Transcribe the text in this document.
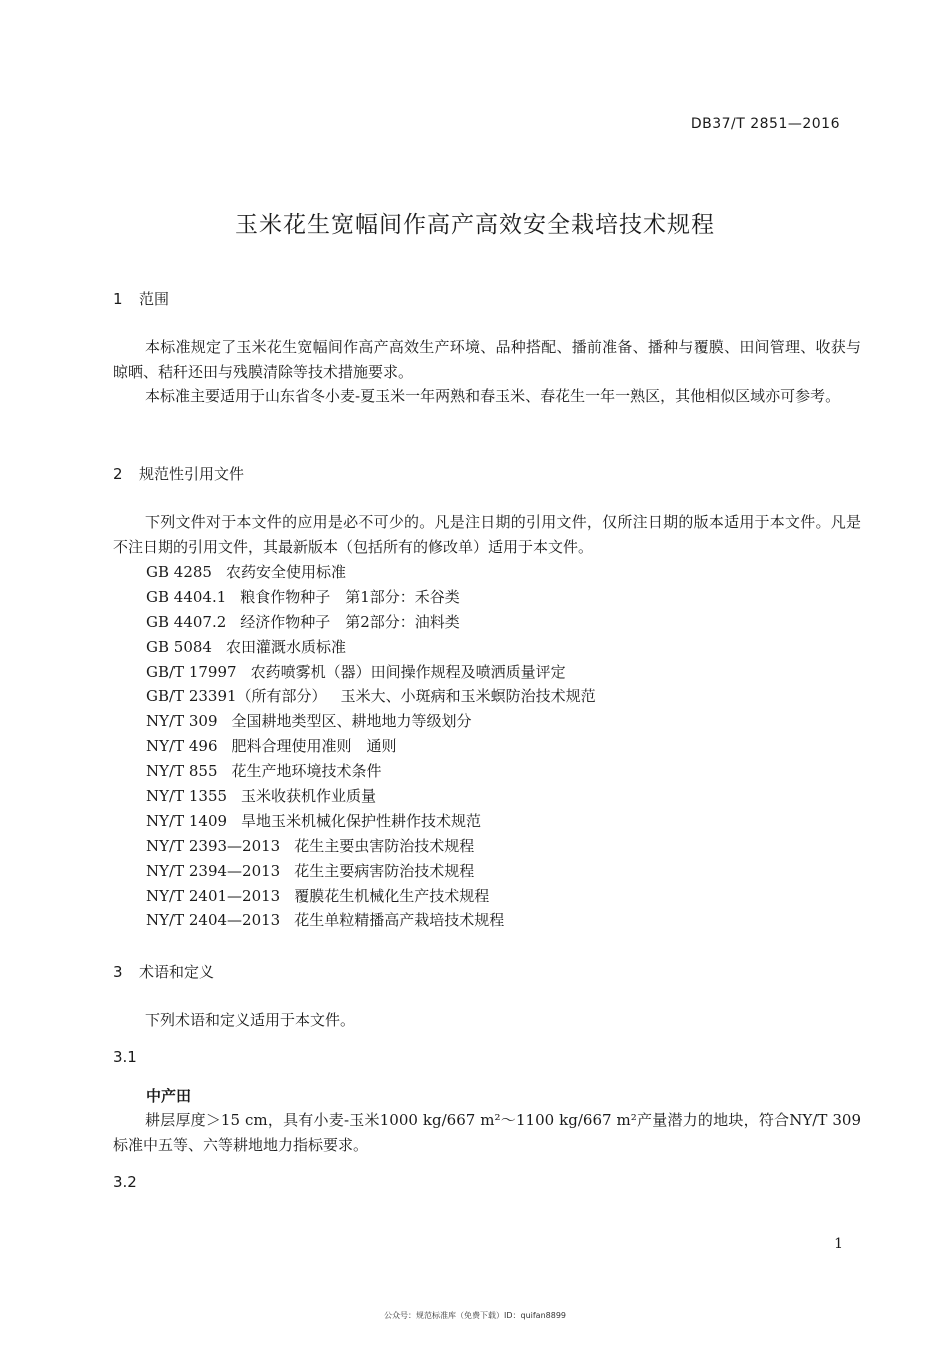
DB37/T 2851—2016
玉米花生宽幅间作高产高效安全栽培技术规程
1 范围
本标准规定了玉米花生宽幅间作高产高效生产环境、品种搭配、播前准备、播种与覆膜、田间管理、收获与晾晒、秸秆还田与残膜清除等技术措施要求。
本标准主要适用于山东省冬小麦-夏玉米一年两熟和春玉米、春花生一年一熟区，其他相似区域亦可参考。
2 规范性引用文件
下列文件对于本文件的应用是必不可少的。凡是注日期的引用文件，仅所注日期的版本适用于本文件。凡是不注日期的引用文件，其最新版本（包括所有的修改单）适用于本文件。
GB 4285 农药安全使用标准
GB 4404.1 粮食作物种子　第1部分：禾谷类
GB 4407.2 经济作物种子　第2部分：油料类
GB 5084 农田灌溉水质标准
GB/T 17997 农药喷雾机（器）田间操作规程及喷洒质量评定
GB/T 23391（所有部分） 玉米大、小斑病和玉米螟防治技术规范
NY/T 309 全国耕地类型区、耕地地力等级划分
NY/T 496 肥料合理使用准则　通则
NY/T 855 花生产地环境技术条件
NY/T 1355 玉米收获机作业质量
NY/T 1409 旱地玉米机械化保护性耕作技术规范
NY/T 2393—2013 花生主要虫害防治技术规程
NY/T 2394—2013 花生主要病害防治技术规程
NY/T 2401—2013 覆膜花生机械化生产技术规程
NY/T 2404—2013 花生单粒精播高产栽培技术规程
3 术语和定义
下列术语和定义适用于本文件。
3.1
中产田
耕层厚度＞15 cm，具有小麦-玉米1000 kg/667 m²～1100 kg/667 m²产量潜力的地块，符合NY/T 309标准中五等、六等耕地地力指标要求。
3.2
1
公众号：规范标准库（免费下载）ID：quifan8899
